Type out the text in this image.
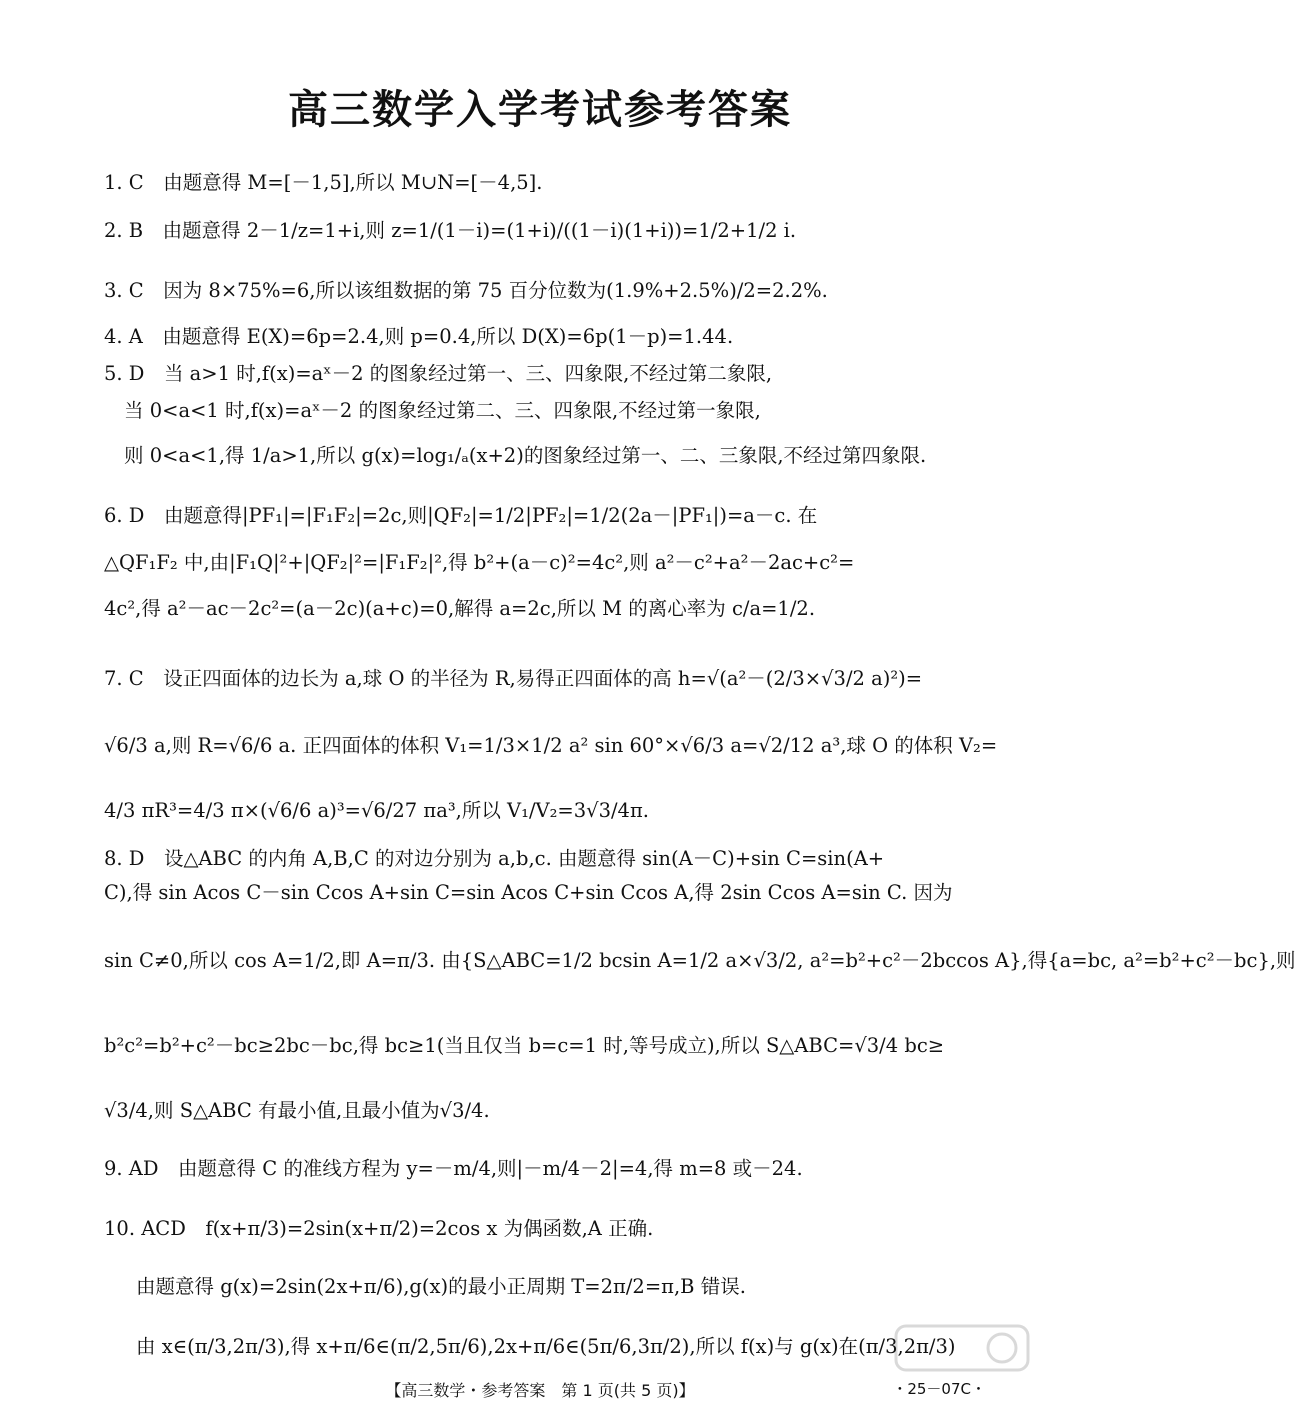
高三数学入学考试参考答案
1. C　由题意得 M=[－1,5],所以 M∪N=[－4,5].
2. B　由题意得 2－1/z=1+i,则 z=1/(1－i)=(1+i)/((1－i)(1+i))=1/2+1/2 i.
3. C　因为 8×75%=6,所以该组数据的第 75 百分位数为(1.9%+2.5%)/2=2.2%.
4. A　由题意得 E(X)=6p=2.4,则 p=0.4,所以 D(X)=6p(1－p)=1.44.
5. D　当 a>1 时,f(x)=aˣ－2 的图象经过第一、三、四象限,不经过第二象限,
当 0<a<1 时,f(x)=aˣ－2 的图象经过第二、三、四象限,不经过第一象限,
则 0<a<1,得 1/a>1,所以 g(x)=log₁/ₐ(x+2)的图象经过第一、二、三象限,不经过第四象限.
6. D　由题意得|PF₁|=|F₁F₂|=2c,则|QF₂|=1/2|PF₂|=1/2(2a－|PF₁|)=a－c. 在
△QF₁F₂ 中,由|F₁Q|²+|QF₂|²=|F₁F₂|²,得 b²+(a－c)²=4c²,则 a²－c²+a²－2ac+c²=
4c²,得 a²－ac－2c²=(a－2c)(a+c)=0,解得 a=2c,所以 M 的离心率为 c/a=1/2.
7. C　设正四面体的边长为 a,球 O 的半径为 R,易得正四面体的高 h=√(a²－(2/3×√3/2 a)²)=
√6/3 a,则 R=√6/6 a. 正四面体的体积 V₁=1/3×1/2 a² sin 60°×√6/3 a=√2/12 a³,球 O 的体积 V₂=
4/3 πR³=4/3 π×(√6/6 a)³=√6/27 πa³,所以 V₁/V₂=3√3/4π.
8. D　设△ABC 的内角 A,B,C 的对边分别为 a,b,c. 由题意得 sin(A－C)+sin C=sin(A+
C),得 sin Acos C－sin Ccos A+sin C=sin Acos C+sin Ccos A,得 2sin Ccos A=sin C. 因为
sin C≠0,所以 cos A=1/2,即 A=π/3. 由{S△ABC=1/2 bcsin A=1/2 a×√3/2, a²=b²+c²－2bccos A},得{a=bc, a²=b²+c²－bc},则
b²c²=b²+c²－bc≥2bc－bc,得 bc≥1(当且仅当 b=c=1 时,等号成立),所以 S△ABC=√3/4 bc≥
√3/4,则 S△ABC 有最小值,且最小值为√3/4.
9. AD　由题意得 C 的准线方程为 y=－m/4,则|－m/4－2|=4,得 m=8 或－24.
10. ACD　f(x+π/3)=2sin(x+π/2)=2cos x 为偶函数,A 正确.
由题意得 g(x)=2sin(2x+π/6),g(x)的最小正周期 T=2π/2=π,B 错误.
由 x∈(π/3,2π/3),得 x+π/6∈(π/2,5π/6),2x+π/6∈(5π/6,3π/2),所以 f(x)与 g(x)在(π/3,2π/3)
【高三数学・参考答案　第 1 页(共 5 页)】	・25－07C・
